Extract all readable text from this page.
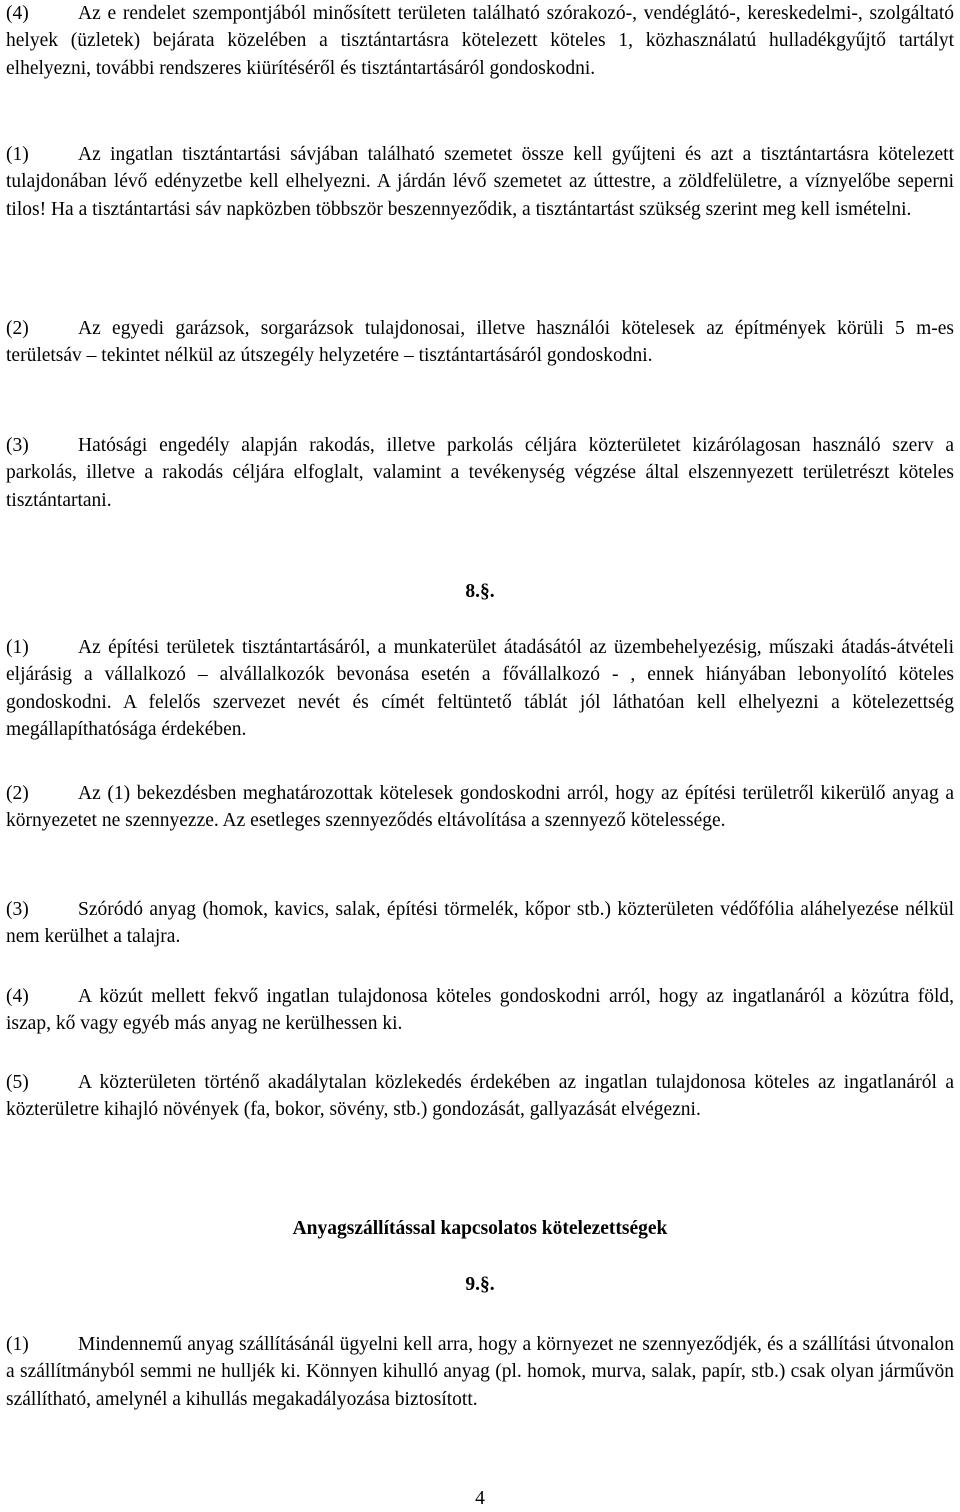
(4)	Az e rendelet szempontjából minősített területen található szórakozó-, vendéglátó-, kereskedelmi-, szolgáltató helyek (üzletek) bejárata közelében a tisztántartásra kötelezett köteles 1, közhasználatú hulladékgyűjtő tartályt elhelyezni, további rendszeres kiürítéséről és tisztántartásáról gondoskodni.

(1)	Az ingatlan tisztántartási sávjában található szemetet össze kell gyűjteni és azt a tisztántartásra kötelezett tulajdonában lévő edényzetbe kell elhelyezni. A járdán lévő szemetet az úttestre, a zöldfelületre, a víznyelőbe seperni tilos! Ha a tisztántartási sáv napközben többször beszennyeződik, a tisztántartást szükség szerint meg kell ismételni.

(2)	Az egyedi garázsok, sorgarázsok tulajdonosai, illetve használói kötelesek az építmények körüli 5 m-es területsáv – tekintet nélkül az útszegély helyzetére – tisztántartásáról gondoskodni.

(3)	Hatósági engedély alapján rakodás, illetve parkolás céljára közterületet kizárólagosan használó szerv a parkolás, illetve a rakodás céljára elfoglalt, valamint a tevékenység végzése által elszennyezett területrészt köteles tisztántartani.

8.§.

(1)	Az építési területek tisztántartásáról, a munkaterület átadásától az üzembehelyezésig, műszaki átadás-átvételi eljárásig a vállalkozó – alvállalkozók bevonása esetén a fővállalkozó - , ennek hiányában lebonyolító köteles gondoskodni. A felelős szervezet nevét és címét feltüntető táblát jól láthatóan kell elhelyezni a kötelezettség megállapíthatósága érdekében.

(2)	Az (1) bekezdésben meghatározottak kötelesek gondoskodni arról, hogy az építési területről kikerülő anyag a környezetet ne szennyezze. Az esetleges szennyeződés eltávolítása a szennyező kötelessége.

(3)	Szóródó anyag (homok, kavics, salak, építési törmelék, kőpor stb.) közterületen védőfólia aláhelyezése nélkül nem kerülhet a talajra.

(4)	A közút mellett fekvő ingatlan tulajdonosa köteles gondoskodni arról, hogy az ingatlanáról a közútra föld, iszap, kő vagy egyéb más anyag ne kerülhessen ki.

(5)	A közterületen történő akadálytalan közlekedés érdekében az ingatlan tulajdonosa köteles az ingatlanáról a közterületre kihajló növények (fa, bokor, sövény, stb.) gondozását, gallyazását elvégezni.

Anyagszállítással kapcsolatos kötelezettségek

9.§.

(1)	Mindennemű anyag szállításánál ügyelni kell arra, hogy a környezet ne szennyeződjék, és a szállítási útvonalon a szállítmányból semmi ne hulljék ki. Könnyen kihulló anyag (pl. homok, murva, salak, papír, stb.) csak olyan járművön szállítható, amelynél a kihullás megakadályozása biztosított.

4
